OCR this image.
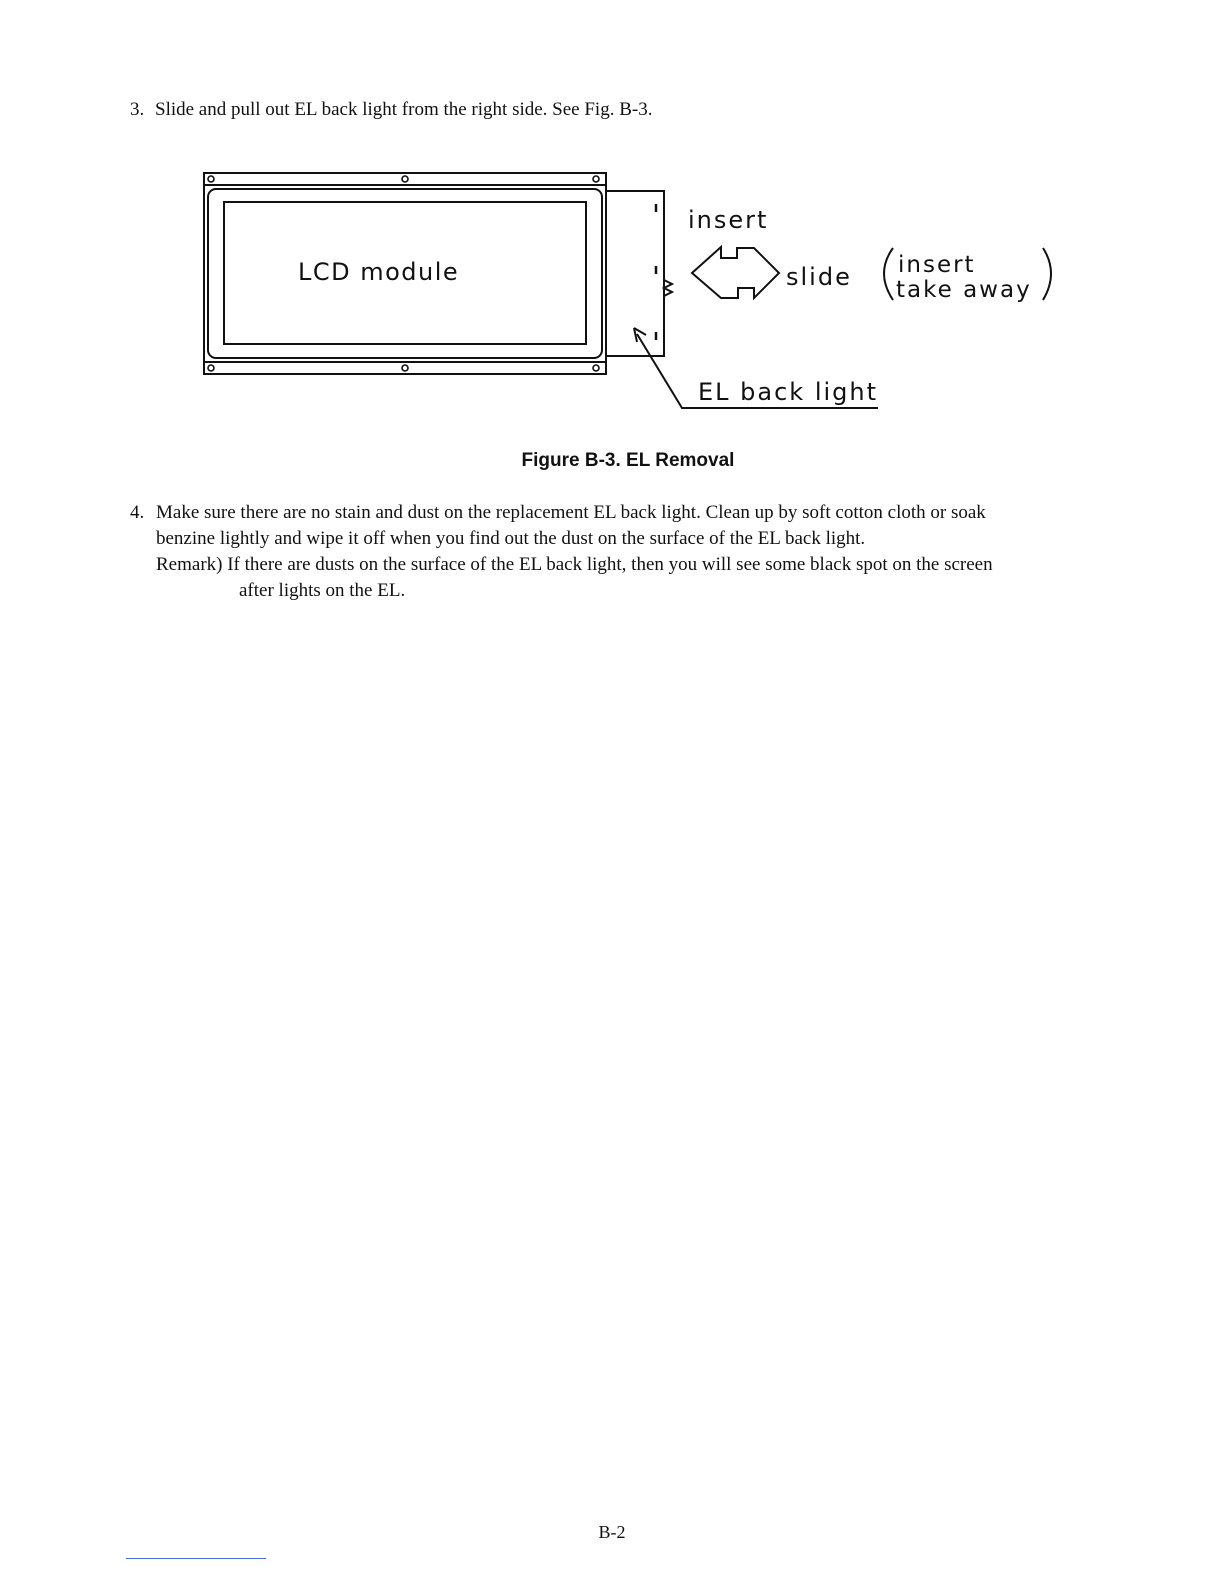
3. Slide and pull out EL back light from the right side. See Fig. B-3.
LCD module
insert
slide insert
take away
EL back light
Figure B-3. EL Removal
4. Make sure there are no stain and dust on the replacement EL back light. Clean up by soft cotton cloth or soak
benzine lightly and wipe it off when you find out the dust on the surface of the EL back light.
Remark) If there are dusts on the surface of the EL back light, then you will see some black spot on the screen
after lights on the EL.
B-2
